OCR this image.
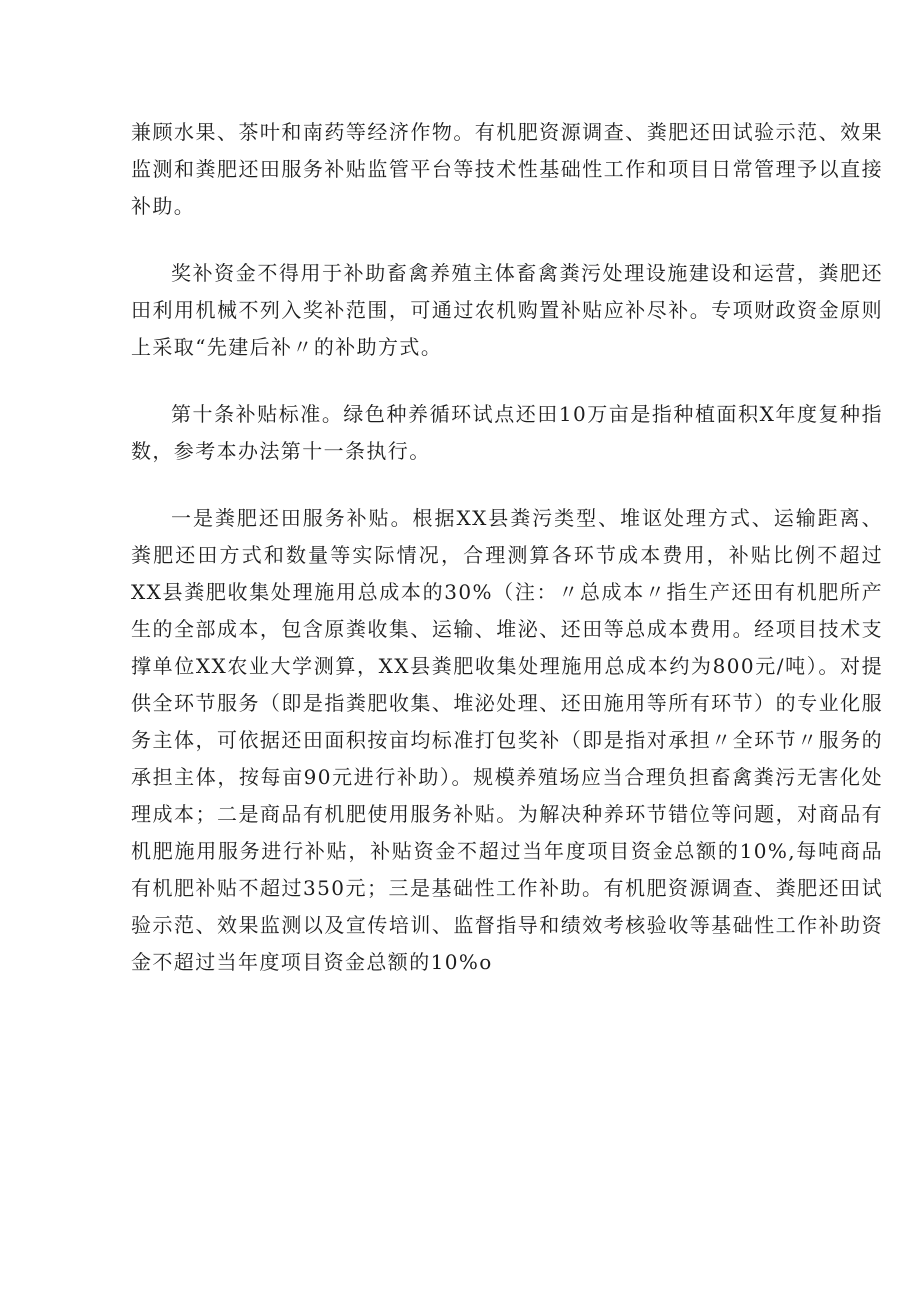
兼顾水果、茶叶和南药等经济作物。有机肥资源调查、粪肥还田试验示范、效果监测和粪肥还田服务补贴监管平台等技术性基础性工作和项目日常管理予以直接补助。

奖补资金不得用于补助畜禽养殖主体畜禽粪污处理设施建设和运营，粪肥还田利用机械不列入奖补范围，可通过农机购置补贴应补尽补。专项财政资金原则上采取“先建后补〃的补助方式。

第十条补贴标准。绿色种养循环试点还田10万亩是指种植面积X年度复种指数，参考本办法第十一条执行。

一是粪肥还田服务补贴。根据XX县粪污类型、堆讴处理方式、运输距离、粪肥还田方式和数量等实际情况，合理测算各环节成本费用，补贴比例不超过XX县粪肥收集处理施用总成本的30%（注：〃总成本〃指生产还田有机肥所产生的全部成本，包含原粪收集、运输、堆泌、还田等总成本费用。经项目技术支撑单位XX农业大学测算，XX县粪肥收集处理施用总成本约为800元/吨）。对提供全环节服务（即是指粪肥收集、堆泌处理、还田施用等所有环节）的专业化服务主体，可依据还田面积按亩均标准打包奖补（即是指对承担〃全环节〃服务的承担主体，按每亩90元进行补助）。规模养殖场应当合理负担畜禽粪污无害化处理成本；二是商品有机肥使用服务补贴。为解决种养环节错位等问题，对商品有机肥施用服务进行补贴，补贴资金不超过当年度项目资金总额的10%,每吨商品有机肥补贴不超过350元；三是基础性工作补助。有机肥资源调查、粪肥还田试验示范、效果监测以及宣传培训、监督指导和绩效考核验收等基础性工作补助资金不超过当年度项目资金总额的10%o
